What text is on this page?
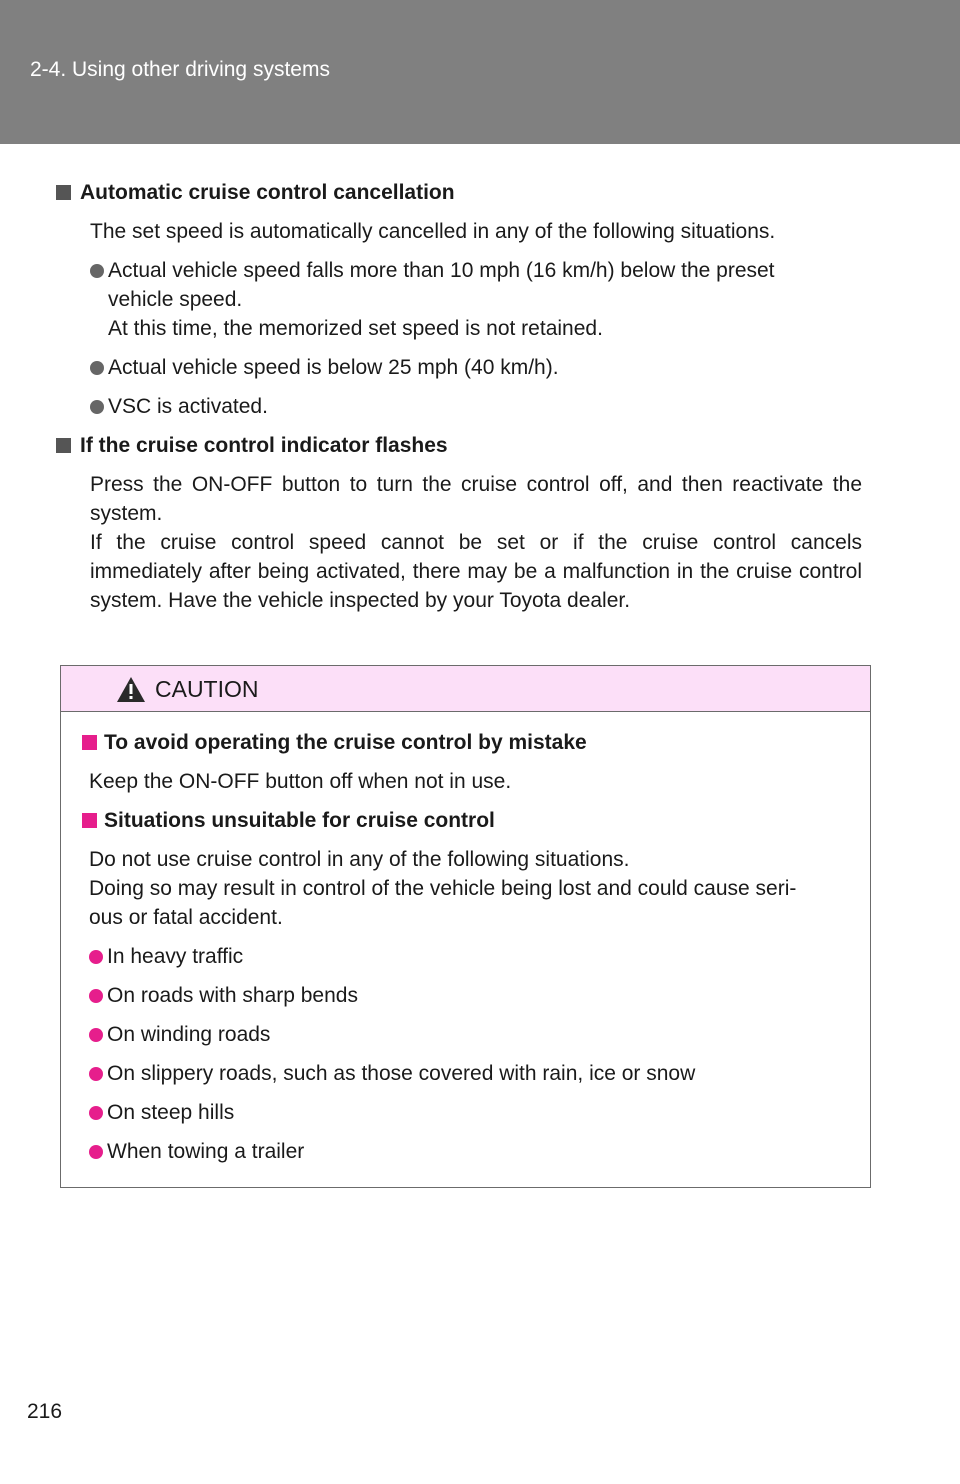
2-4. Using other driving systems
Automatic cruise control cancellation

The set speed is automatically cancelled in any of the following situations.

Actual vehicle speed falls more than 10 mph (16 km/h) below the preset
vehicle speed.
At this time, the memorized set speed is not retained.
Actual vehicle speed is below 25 mph (40 km/h).
VSC is activated.
If the cruise control indicator flashes

Press the ON-OFF button to turn the cruise control off, and then reactivate the system.

If the cruise control speed cannot be set or if the cruise control cancels immediately after being activated, there may be a malfunction in the cruise control system. Have the vehicle inspected by your Toyota dealer.

CAUTION
To avoid operating the cruise control by mistake

Keep the ON-OFF button off when not in use.

Situations unsuitable for cruise control

Do not use cruise control in any of the following situations.

Doing so may result in control of the vehicle being lost and could cause seri-

ous or fatal accident.

In heavy traffic
On roads with sharp bends
On winding roads
On slippery roads, such as those covered with rain, ice or snow
On steep hills
When towing a trailer
216
